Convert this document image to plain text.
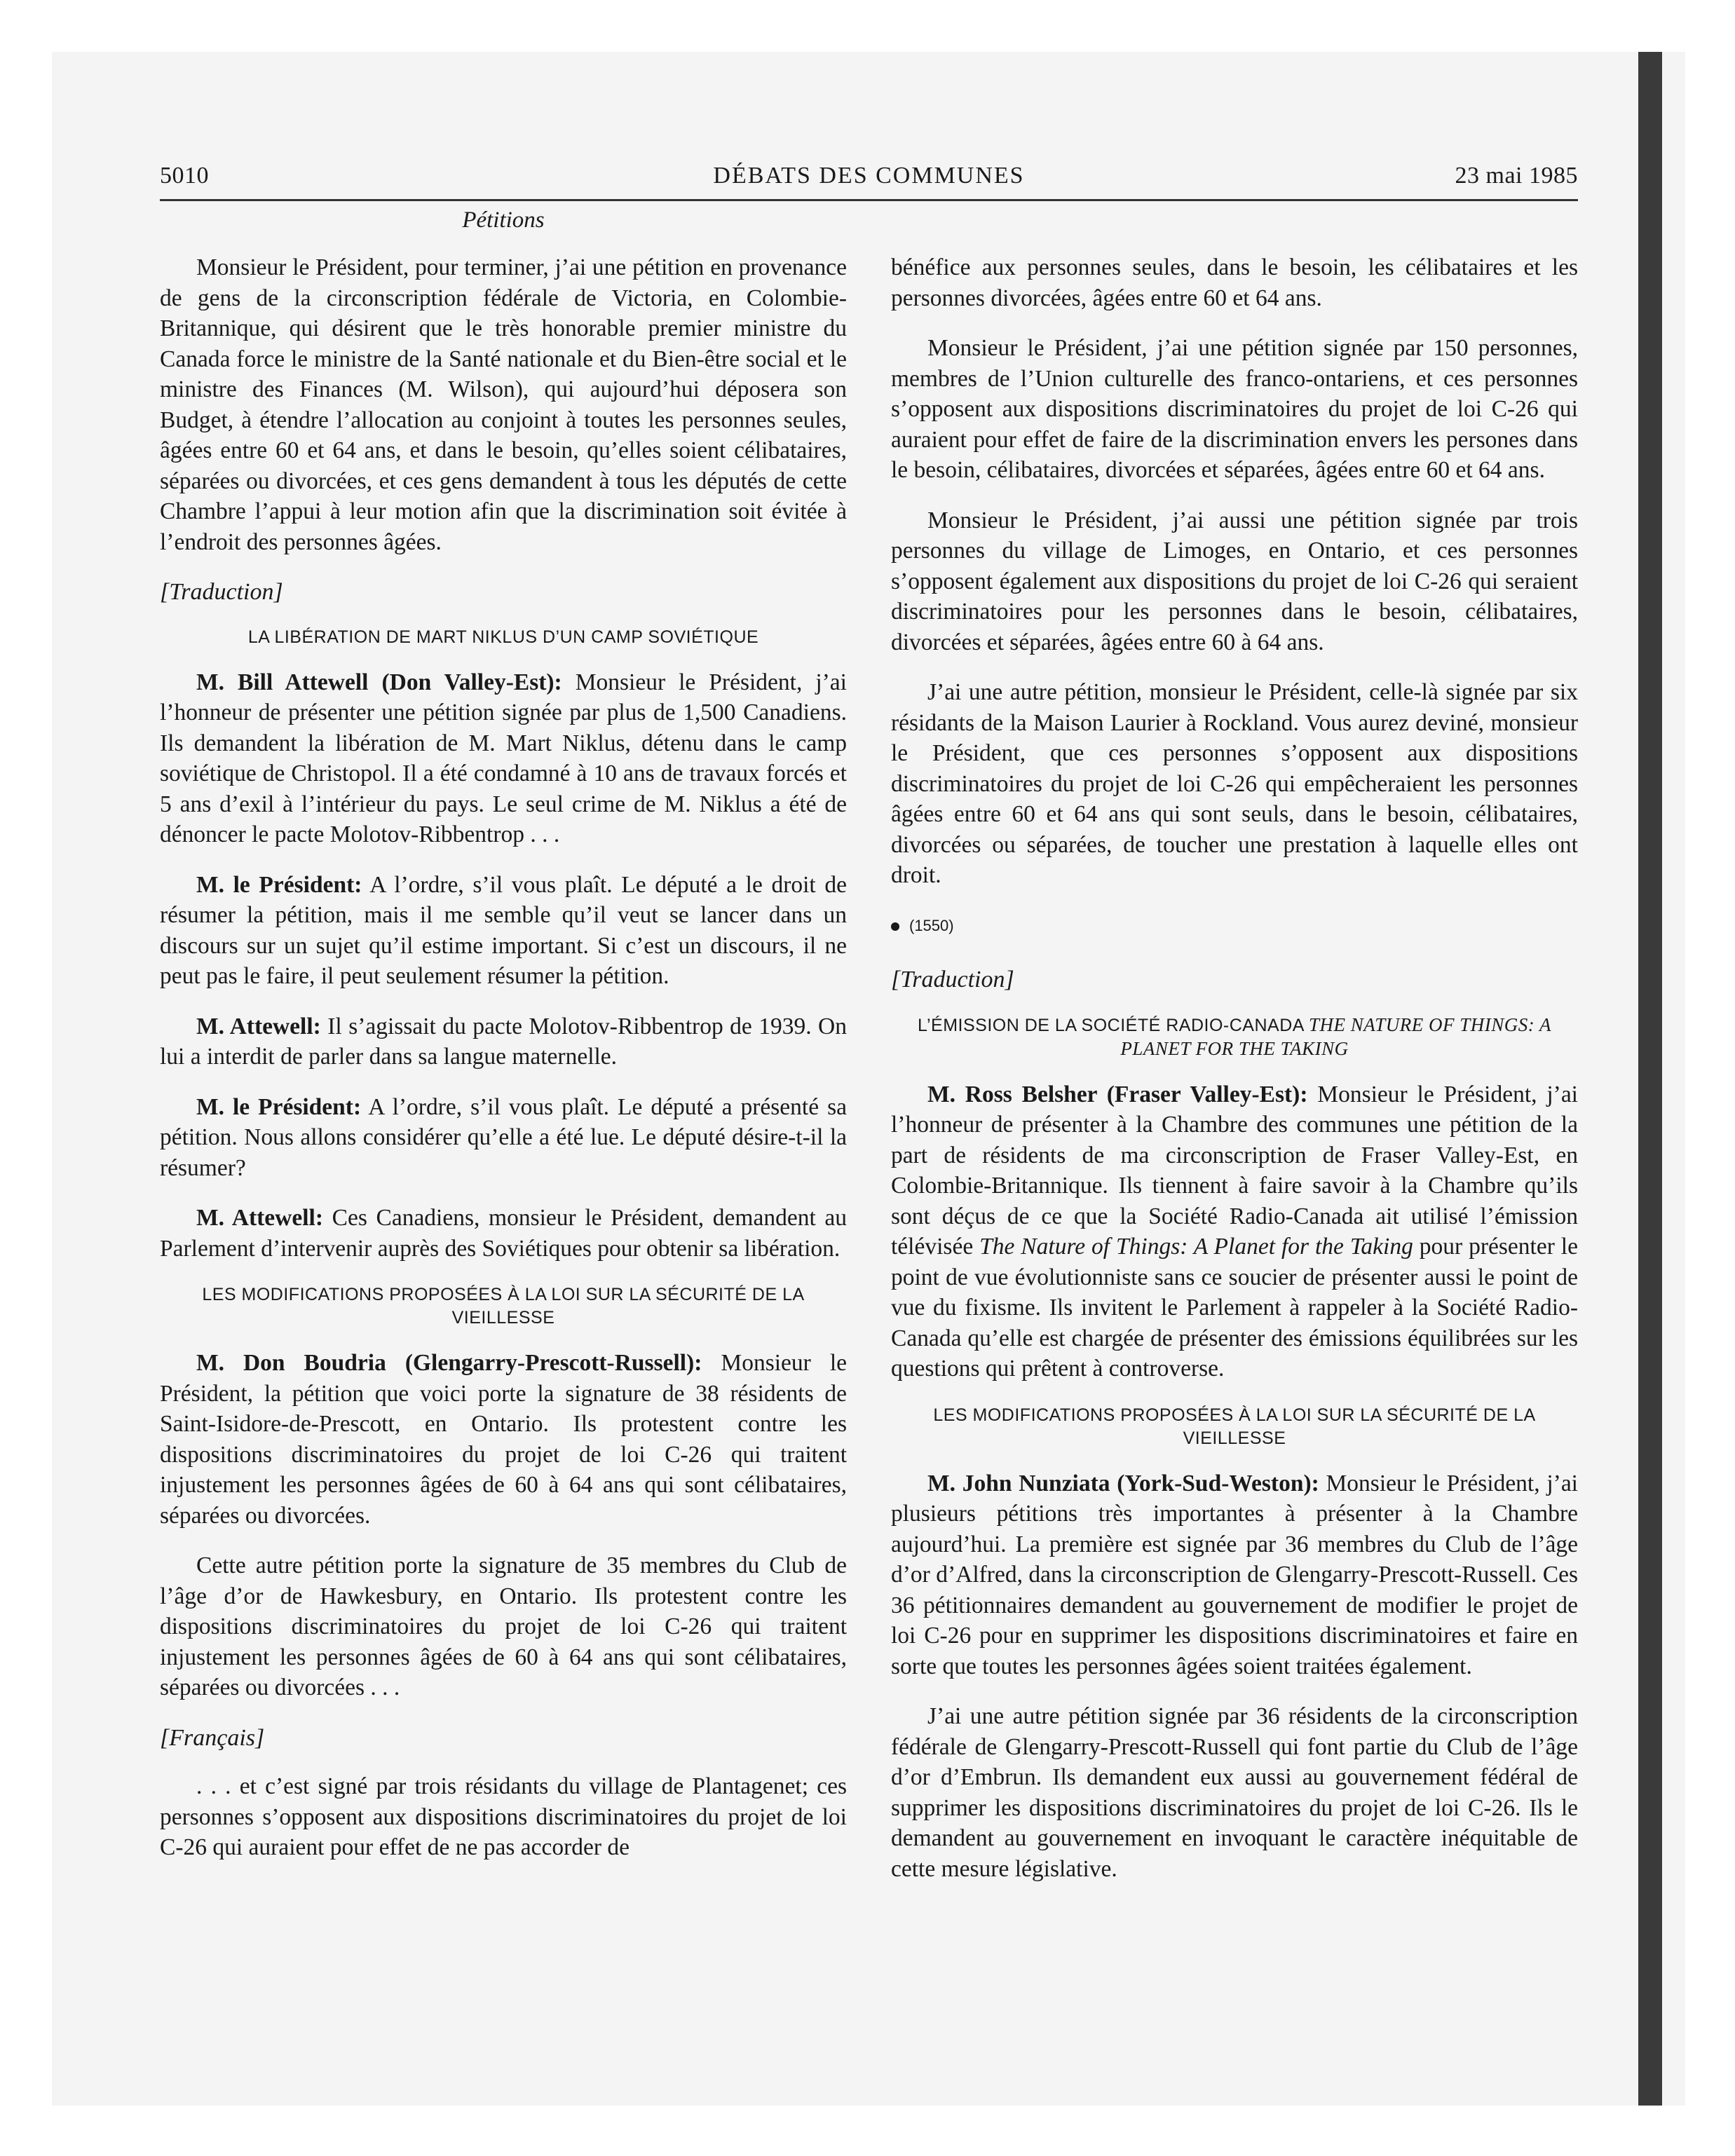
5010	DÉBATS DES COMMUNES	23 mai 1985
Pétitions

Monsieur le Président, pour terminer, j’ai une pétition en provenance de gens de la circonscription fédérale de Victoria, en Colombie-Britannique, qui désirent que le très honorable premier ministre du Canada force le ministre de la Santé nationale et du Bien-être social et le ministre des Finances (M. Wilson), qui aujourd’hui déposera son Budget, à étendre l’allocation au conjoint à toutes les personnes seules, âgées entre 60 et 64 ans, et dans le besoin, qu’elles soient célibataires, séparées ou divorcées, et ces gens demandent à tous les députés de cette Chambre l’appui à leur motion afin que la discrimination soit évitée à l’endroit des personnes âgées.

[Traduction]
LA LIBÉRATION DE MART NIKLUS D’UN CAMP SOVIÉTIQUE

M. Bill Attewell (Don Valley-Est): Monsieur le Président, j’ai l’honneur de présenter une pétition signée par plus de 1,500 Canadiens. Ils demandent la libération de M. Mart Niklus, détenu dans le camp soviétique de Christopol. Il a été condamné à 10 ans de travaux forcés et 5 ans d’exil à l’intérieur du pays. Le seul crime de M. Niklus a été de dénoncer le pacte Molotov-Ribbentrop . . .

M. le Président: A l’ordre, s’il vous plaît. Le député a le droit de résumer la pétition, mais il me semble qu’il veut se lancer dans un discours sur un sujet qu’il estime important. Si c’est un discours, il ne peut pas le faire, il peut seulement résumer la pétition.

M. Attewell: Il s’agissait du pacte Molotov-Ribbentrop de 1939. On lui a interdit de parler dans sa langue maternelle.

M. le Président: A l’ordre, s’il vous plaît. Le député a présenté sa pétition. Nous allons considérer qu’elle a été lue. Le député désire-t-il la résumer?

M. Attewell: Ces Canadiens, monsieur le Président, demandent au Parlement d’intervenir auprès des Soviétiques pour obtenir sa libération.

LES MODIFICATIONS PROPOSÉES À LA LOI SUR LA SÉCURITÉ DE LA VIEILLESSE

M. Don Boudria (Glengarry-Prescott-Russell): Monsieur le Président, la pétition que voici porte la signature de 38 résidents de Saint-Isidore-de-Prescott, en Ontario. Ils protestent contre les dispositions discriminatoires du projet de loi C-26 qui traitent injustement les personnes âgées de 60 à 64 ans qui sont célibataires, séparées ou divorcées.

Cette autre pétition porte la signature de 35 membres du Club de l’âge d’or de Hawkesbury, en Ontario. Ils protestent contre les dispositions discriminatoires du projet de loi C-26 qui traitent injustement les personnes âgées de 60 à 64 ans qui sont célibataires, séparées ou divorcées . . .

[Français]

. . . et c’est signé par trois résidants du village de Plantagenet; ces personnes s’opposent aux dispositions discriminatoires du projet de loi C-26 qui auraient pour effet de ne pas accorder de

bénéfice aux personnes seules, dans le besoin, les célibataires et les personnes divorcées, âgées entre 60 et 64 ans.

Monsieur le Président, j’ai une pétition signée par 150 personnes, membres de l’Union culturelle des franco-ontariens, et ces personnes s’opposent aux dispositions discriminatoires du projet de loi C-26 qui auraient pour effet de faire de la discrimination envers les persones dans le besoin, célibataires, divorcées et séparées, âgées entre 60 et 64 ans.

Monsieur le Président, j’ai aussi une pétition signée par trois personnes du village de Limoges, en Ontario, et ces personnes s’opposent également aux dispositions du projet de loi C-26 qui seraient discriminatoires pour les personnes dans le besoin, célibataires, divorcées et séparées, âgées entre 60 à 64 ans.

J’ai une autre pétition, monsieur le Président, celle-là signée par six résidants de la Maison Laurier à Rockland. Vous aurez deviné, monsieur le Président, que ces personnes s’opposent aux dispositions discriminatoires du projet de loi C-26 qui empêcheraient les personnes âgées entre 60 et 64 ans qui sont seuls, dans le besoin, célibataires, divorcées ou séparées, de toucher une prestation à laquelle elles ont droit.

(1550)
[Traduction]
L’ÉMISSION DE LA SOCIÉTÉ RADIO-CANADA THE NATURE OF THINGS: A PLANET FOR THE TAKING

M. Ross Belsher (Fraser Valley-Est): Monsieur le Président, j’ai l’honneur de présenter à la Chambre des communes une pétition de la part de résidents de ma circonscription de Fraser Valley-Est, en Colombie-Britannique. Ils tiennent à faire savoir à la Chambre qu’ils sont déçus de ce que la Société Radio-Canada ait utilisé l’émission télévisée The Nature of Things: A Planet for the Taking pour présenter le point de vue évolutionniste sans ce soucier de présenter aussi le point de vue du fixisme. Ils invitent le Parlement à rappeler à la Société Radio-Canada qu’elle est chargée de présenter des émissions équilibrées sur les questions qui prêtent à controverse.

LES MODIFICATIONS PROPOSÉES À LA LOI SUR LA SÉCURITÉ DE LA VIEILLESSE

M. John Nunziata (York-Sud-Weston): Monsieur le Président, j’ai plusieurs pétitions très importantes à présenter à la Chambre aujourd’hui. La première est signée par 36 membres du Club de l’âge d’or d’Alfred, dans la circonscription de Glengarry-Prescott-Russell. Ces 36 pétitionnaires demandent au gouvernement de modifier le projet de loi C-26 pour en supprimer les dispositions discriminatoires et faire en sorte que toutes les personnes âgées soient traitées également.

J’ai une autre pétition signée par 36 résidents de la circonscription fédérale de Glengarry-Prescott-Russell qui font partie du Club de l’âge d’or d’Embrun. Ils demandent eux aussi au gouvernement fédéral de supprimer les dispositions discriminatoires du projet de loi C-26. Ils le demandent au gouvernement en invoquant le caractère inéquitable de cette mesure législative.
